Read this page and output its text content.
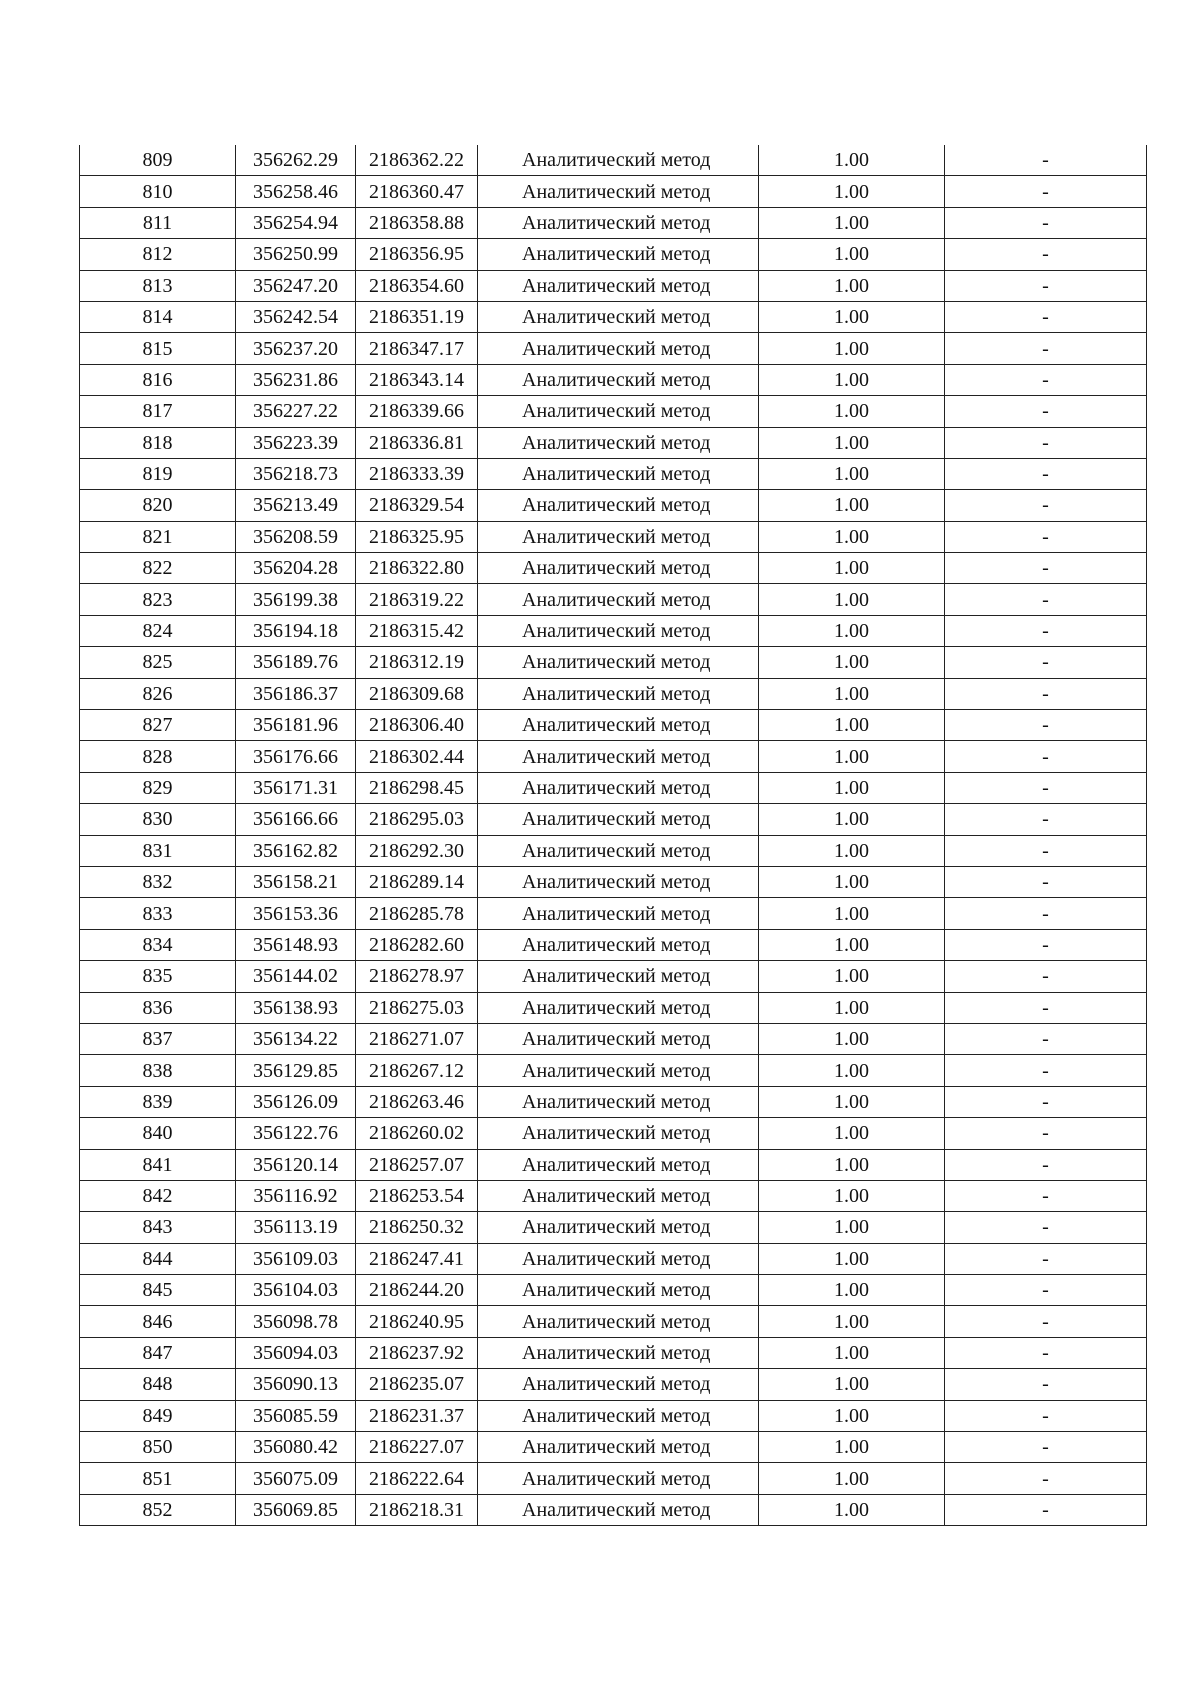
809	356262.29	2186362.22	Аналитический метод	1.00	-
810	356258.46	2186360.47	Аналитический метод	1.00	-
811	356254.94	2186358.88	Аналитический метод	1.00	-
812	356250.99	2186356.95	Аналитический метод	1.00	-
813	356247.20	2186354.60	Аналитический метод	1.00	-
814	356242.54	2186351.19	Аналитический метод	1.00	-
815	356237.20	2186347.17	Аналитический метод	1.00	-
816	356231.86	2186343.14	Аналитический метод	1.00	-
817	356227.22	2186339.66	Аналитический метод	1.00	-
818	356223.39	2186336.81	Аналитический метод	1.00	-
819	356218.73	2186333.39	Аналитический метод	1.00	-
820	356213.49	2186329.54	Аналитический метод	1.00	-
821	356208.59	2186325.95	Аналитический метод	1.00	-
822	356204.28	2186322.80	Аналитический метод	1.00	-
823	356199.38	2186319.22	Аналитический метод	1.00	-
824	356194.18	2186315.42	Аналитический метод	1.00	-
825	356189.76	2186312.19	Аналитический метод	1.00	-
826	356186.37	2186309.68	Аналитический метод	1.00	-
827	356181.96	2186306.40	Аналитический метод	1.00	-
828	356176.66	2186302.44	Аналитический метод	1.00	-
829	356171.31	2186298.45	Аналитический метод	1.00	-
830	356166.66	2186295.03	Аналитический метод	1.00	-
831	356162.82	2186292.30	Аналитический метод	1.00	-
832	356158.21	2186289.14	Аналитический метод	1.00	-
833	356153.36	2186285.78	Аналитический метод	1.00	-
834	356148.93	2186282.60	Аналитический метод	1.00	-
835	356144.02	2186278.97	Аналитический метод	1.00	-
836	356138.93	2186275.03	Аналитический метод	1.00	-
837	356134.22	2186271.07	Аналитический метод	1.00	-
838	356129.85	2186267.12	Аналитический метод	1.00	-
839	356126.09	2186263.46	Аналитический метод	1.00	-
840	356122.76	2186260.02	Аналитический метод	1.00	-
841	356120.14	2186257.07	Аналитический метод	1.00	-
842	356116.92	2186253.54	Аналитический метод	1.00	-
843	356113.19	2186250.32	Аналитический метод	1.00	-
844	356109.03	2186247.41	Аналитический метод	1.00	-
845	356104.03	2186244.20	Аналитический метод	1.00	-
846	356098.78	2186240.95	Аналитический метод	1.00	-
847	356094.03	2186237.92	Аналитический метод	1.00	-
848	356090.13	2186235.07	Аналитический метод	1.00	-
849	356085.59	2186231.37	Аналитический метод	1.00	-
850	356080.42	2186227.07	Аналитический метод	1.00	-
851	356075.09	2186222.64	Аналитический метод	1.00	-
852	356069.85	2186218.31	Аналитический метод	1.00	-
